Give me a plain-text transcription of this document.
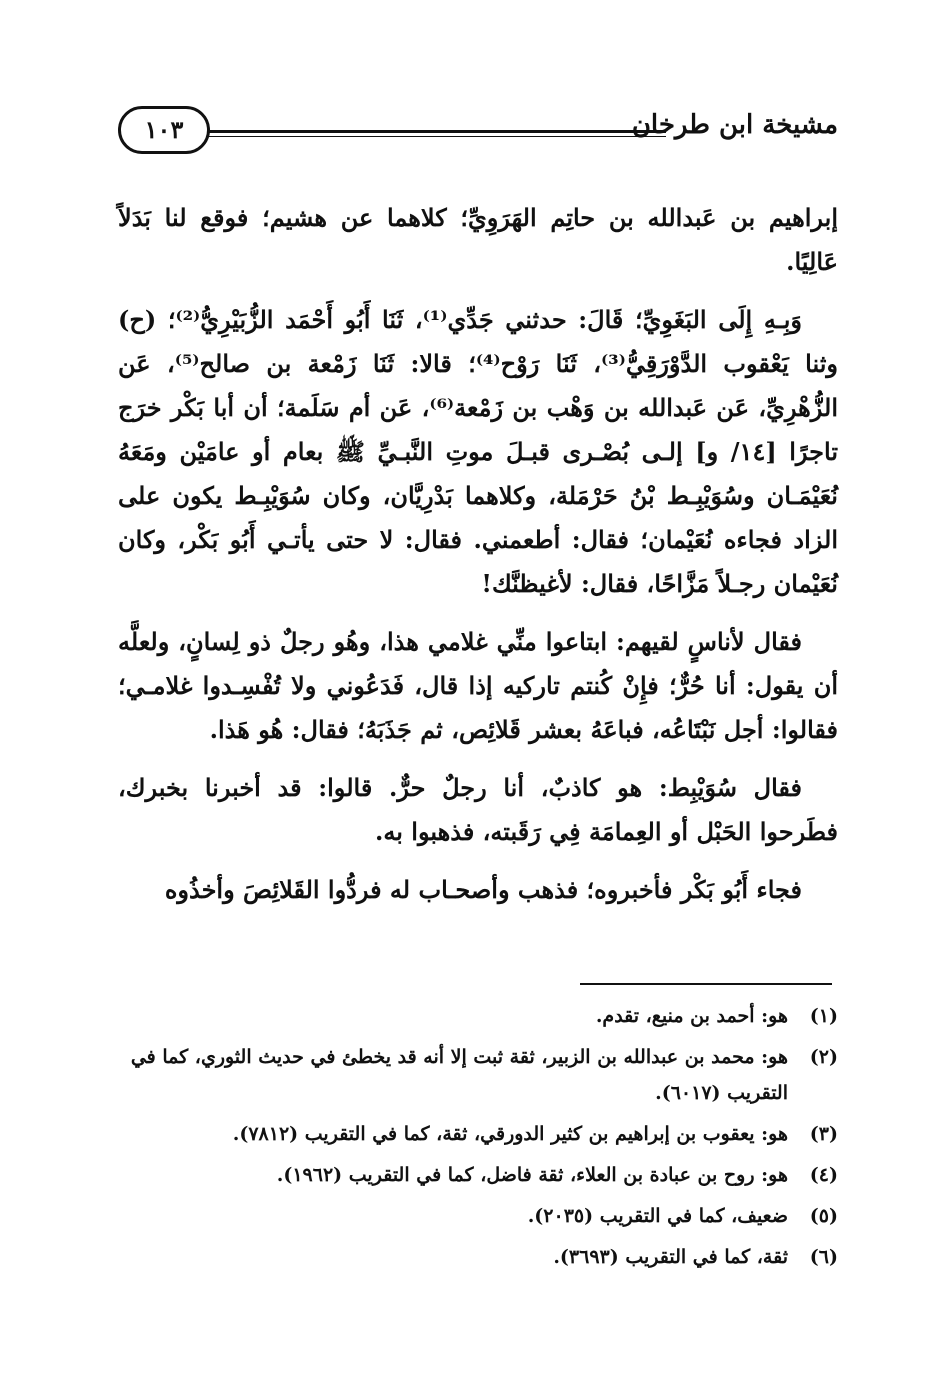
مشيخة ابن طرخان
١٠٣

إبراهيم بن عَبدالله بن حاتِم الهَرَوِيِّ؛ كلاهما عن هشيم؛ فوقع لنا بَدَلاً عَالِيًا.

وَبِـهِ إِلَى البَغَوِيِّ؛ قَالَ: حدثني جَدِّي⁽¹⁾، ثَنَا أَبُو أَحْمَد الزُّبَيْرِيُّ⁽²⁾؛ (ح) وثنا يَعْقوب الدَّوْرَقِيُّ⁽³⁾، ثَنَا رَوْح⁽⁴⁾؛ قالا: ثَنَا زَمْعة بن صالح⁽⁵⁾، عَن الزُّهْرِيِّ، عَن عَبدالله بن وَهْب بن زَمْعة⁽⁶⁾، عَن أم سَلَمة؛ أن أبا بَكْر خرَج تاجرًا [١٤/ و] إلـى بُصْـرى قبـلَ موتِ النَّبـيِّ ﷺ بعام أو عامَيْن ومَعَهُ نُعَيْمَـان وسُوَيْبِـط بْنُ حَرْمَلة، وكلاهما بَدْرِيَّان، وكان سُوَيْبِـط يكون على الزاد فجاءه نُعَيْمان؛ فقال: أطعمني. فقال: لا حتى يأتـي أَبُو بَكْر، وكان نُعَيْمان رجـلاً مَزَّاحًا، فقال: لأغيظنَّك!

فقال لأناسٍ لقيهم: ابتاعوا منِّي غلامي هذا، وهُو رجلٌ ذو لِسانٍ، ولعلَّه أن يقول: أنا حُرٌّ؛ فإِنْ كُنتم تاركيه إذا قال، فَدَعُوني ولا تُفْسِـدوا غلامـي؛ فقالوا: أجل نَبْتَاعُه، فباعَهُ بعشر قَلائِص، ثم جَذَبَهُ؛ فقال: هُو هَذا.

فقال سُوَيْبِط: هو كاذبٌ، أنا رجلٌ حرٌّ. قالوا: قد أخبرنا بخبرك، فطَرحوا الحَبْل أو العِمامَة فِي رَقَبته، فذهبوا به.

فجاء أَبُو بَكْر فأخبروه؛ فذهب وأصحـاب له فردُّوا القَلائِصَ وأخذُوه

(١)
هو: أحمد بن منيع، تقدم.
(٢)
هو: محمد بن عبدالله بن الزبير، ثقة ثبت إلا أنه قد يخطئ في حديث الثوري، كما في التقريب (٦٠١٧).
(٣)
هو: يعقوب بن إبراهيم بن كثير الدورقي، ثقة، كما في التقريب (٧٨١٢).
(٤)
هو: روح بن عبادة بن العلاء، ثقة فاضل، كما في التقريب (١٩٦٢).
(٥)
ضعيف، كما في التقريب (٢٠٣٥).
(٦)
ثقة، كما في التقريب (٣٦٩٣).
